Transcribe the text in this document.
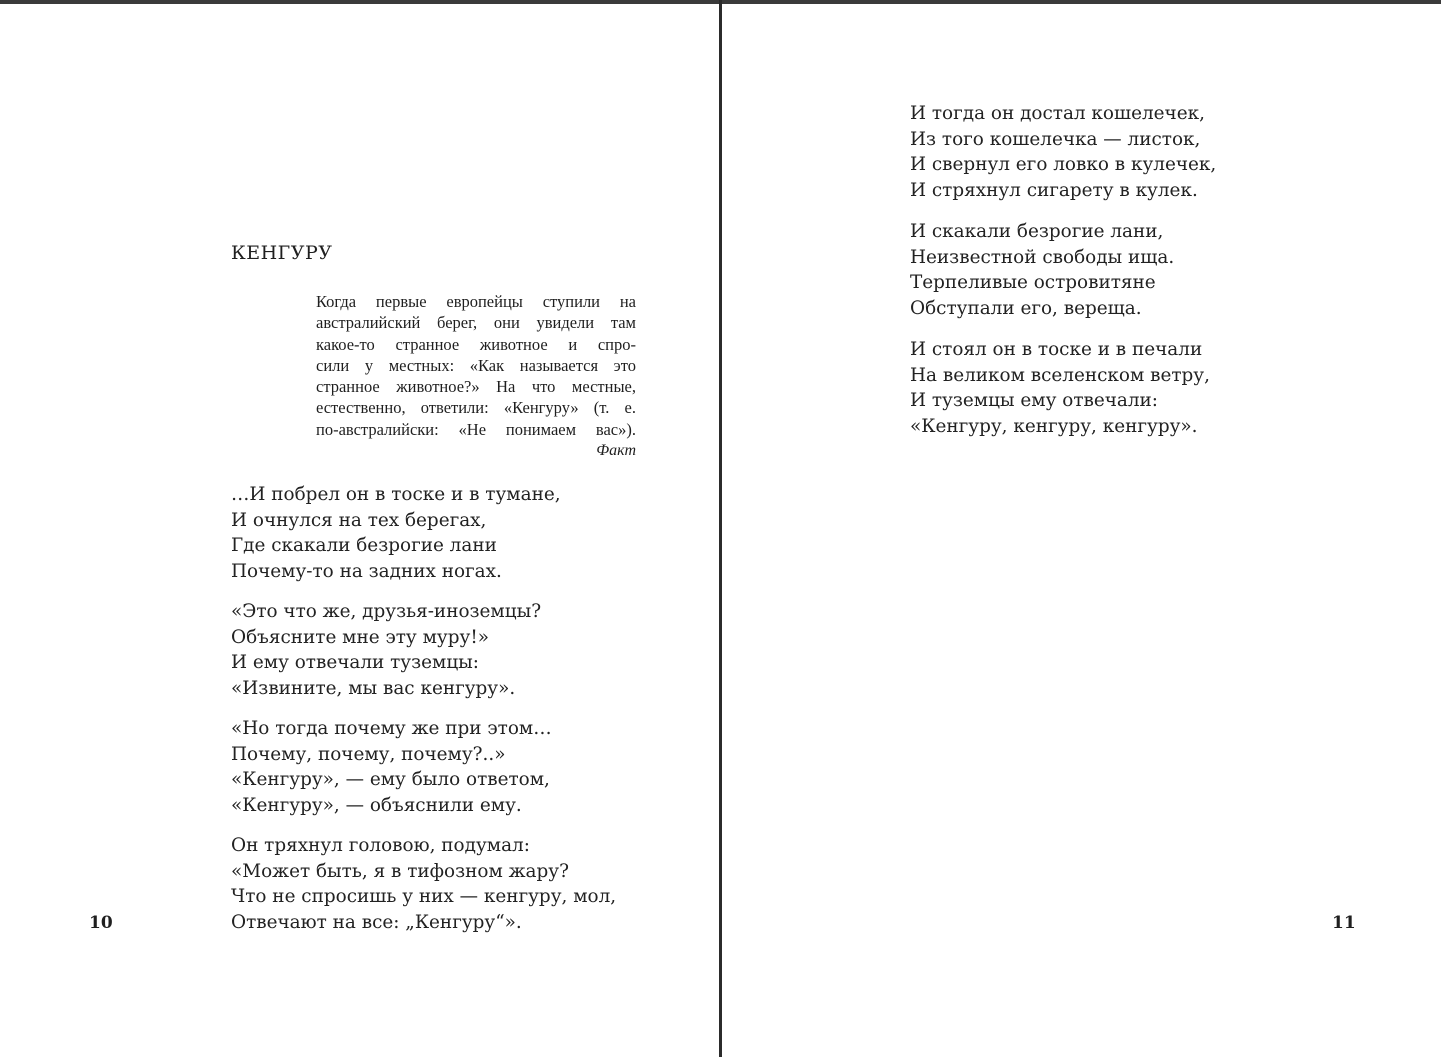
КЕНГУРУ
Когда первые европейцы ступили на
австралийский берег, они увидели там
какое-то странное животное и спро-
сили у местных: «Как называется это
странное животное?» На что местные,
естественно, ответили: «Кенгуру» (т. е.
по-австралийски: «Не понимаем вас»).
Факт
…И побрел он в тоске и в тумане,
И очнулся на тех берегах,
Где скакали безрогие лани
Почему-то на задних ногах.
«Это что же, друзья-иноземцы?
Объясните мне эту муру!»
И ему отвечали туземцы:
«Извините, мы вас кенгуру».
«Но тогда почему же при этом…
Почему, почему, почему?..»
«Кенгуру», — ему было ответом,
«Кенгуру», — объяснили ему.
Он тряхнул головою, подумал:
«Может быть, я в тифозном жару?
Что не спросишь у них — кенгуру, мол,
Отвечают на все: „Кенгуру“».
10
И тогда он достал кошелечек,
Из того кошелечка — листок,
И свернул его ловко в кулечек,
И стряхнул сигарету в кулек.
И скакали безрогие лани,
Неизвестной свободы ища.
Терпеливые островитяне
Обступали его, вереща.
И стоял он в тоске и в печали
На великом вселенском ветру,
И туземцы ему отвечали:
«Кенгуру, кенгуру, кенгуру».
11
